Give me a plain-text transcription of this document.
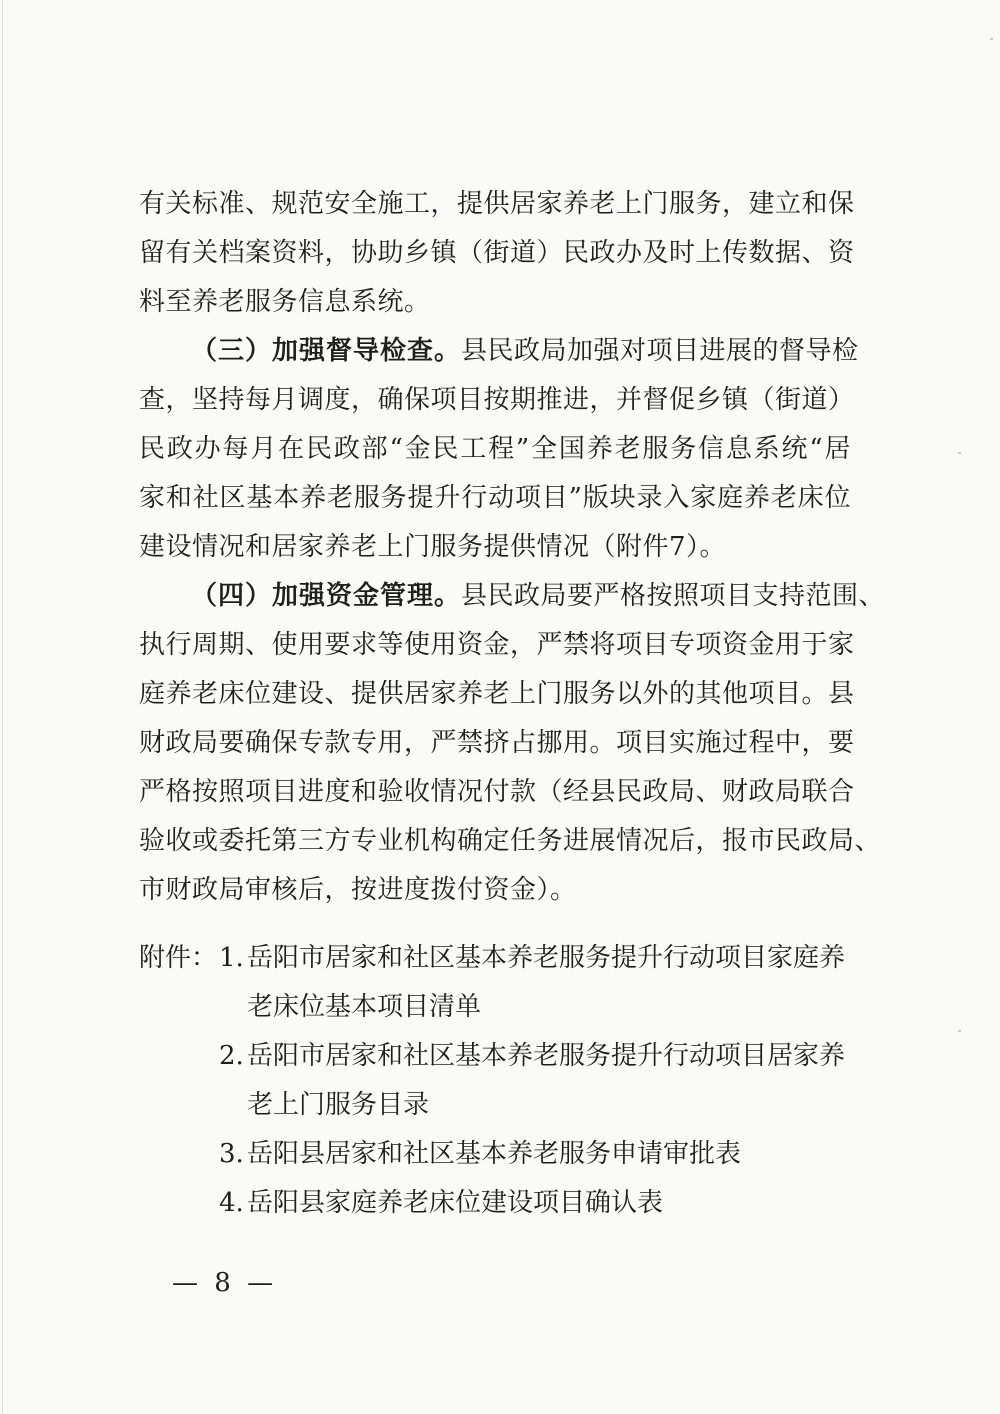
有关标准、规范安全施工，提供居家养老上门服务，建立和保
留有关档案资料，协助乡镇（街道）民政办及时上传数据、资
料至养老服务信息系统。
（三）加强督导检查。县民政局加强对项目进展的督导检
查，坚持每月调度，确保项目按期推进，并督促乡镇（街道）
民政办每月在民政部“金民工程”全国养老服务信息系统“居
家和社区基本养老服务提升行动项目”版块录入家庭养老床位
建设情况和居家养老上门服务提供情况（附件7）。
（四）加强资金管理。县民政局要严格按照项目支持范围、
执行周期、使用要求等使用资金，严禁将项目专项资金用于家
庭养老床位建设、提供居家养老上门服务以外的其他项目。县
财政局要确保专款专用，严禁挤占挪用。项目实施过程中，要
严格按照项目进度和验收情况付款（经县民政局、财政局联合
验收或委托第三方专业机构确定任务进展情况后，报市民政局、
市财政局审核后，按进度拨付资金）。
附件： 1. 岳阳市居家和社区基本养老服务提升行动项目家庭养
老床位基本项目清单
2. 岳阳市居家和社区基本养老服务提升行动项目居家养
老上门服务目录
3. 岳阳县居家和社区基本养老服务申请审批表
4. 岳阳县家庭养老床位建设项目确认表
— 8 —
